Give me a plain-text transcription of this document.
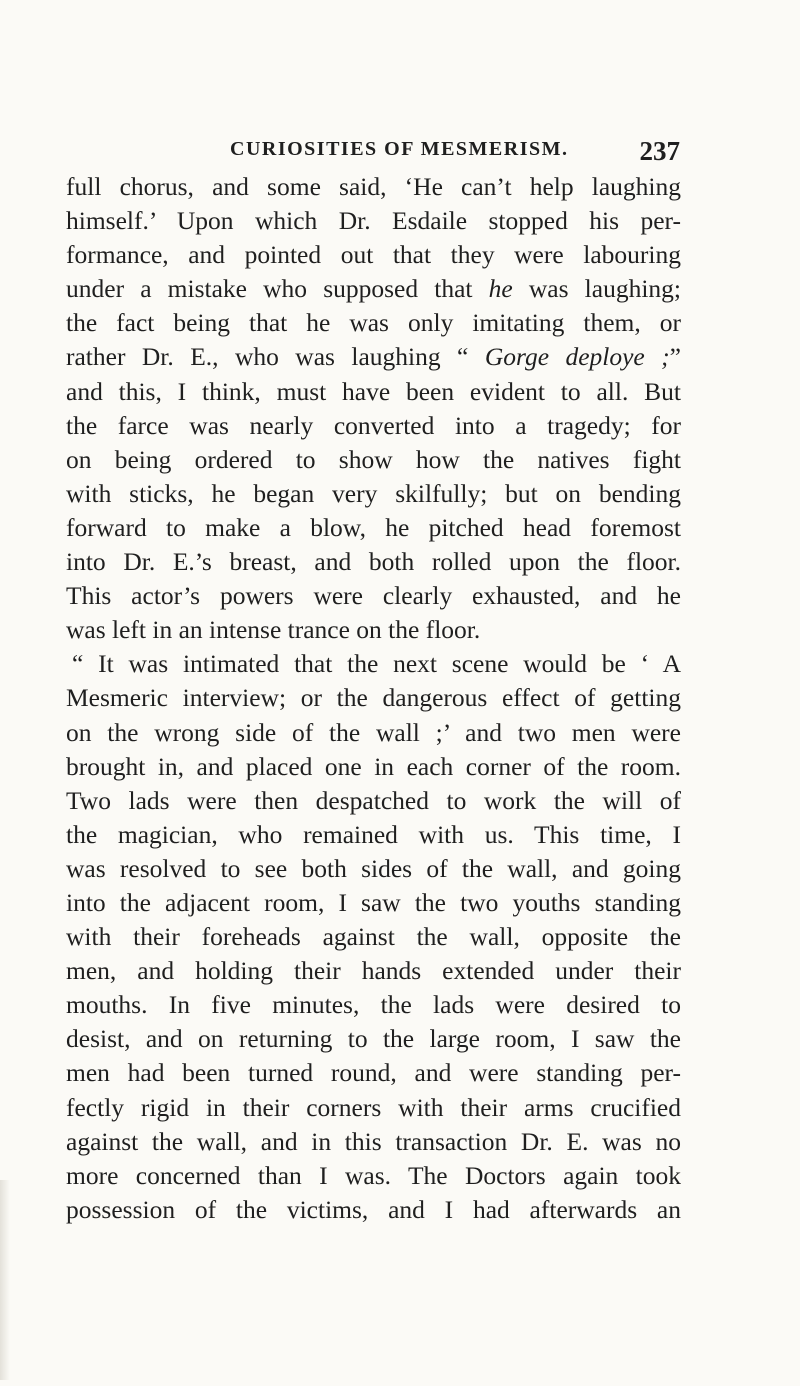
CURIOSITIES OF MESMERISM.	237
full chorus, and some said, ‘He can’t help laughing
himself.’ Upon which Dr. Esdaile stopped his per-
formance, and pointed out that they were labouring
under a mistake who supposed that he was laughing;
the fact being that he was only imitating them, or
rather Dr. E., who was laughing “ Gorge deploye ;”
and this, I think, must have been evident to all. But
the farce was nearly converted into a tragedy; for
on being ordered to show how the natives fight
with sticks, he began very skilfully; but on bending
forward to make a blow, he pitched head foremost
into Dr. E.’s breast, and both rolled upon the floor.
This actor’s powers were clearly exhausted, and he
was left in an intense trance on the floor.
“ It was intimated that the next scene would be ‘ A
Mesmeric interview; or the dangerous effect of getting
on the wrong side of the wall ;’ and two men were
brought in, and placed one in each corner of the room.
Two lads were then despatched to work the will of
the magician, who remained with us. This time, I
was resolved to see both sides of the wall, and going
into the adjacent room, I saw the two youths standing
with their foreheads against the wall, opposite the
men, and holding their hands extended under their
mouths. In five minutes, the lads were desired to
desist, and on returning to the large room, I saw the
men had been turned round, and were standing per-
fectly rigid in their corners with their arms crucified
against the wall, and in this transaction Dr. E. was no
more concerned than I was. The Doctors again took
possession of the victims, and I had afterwards an
